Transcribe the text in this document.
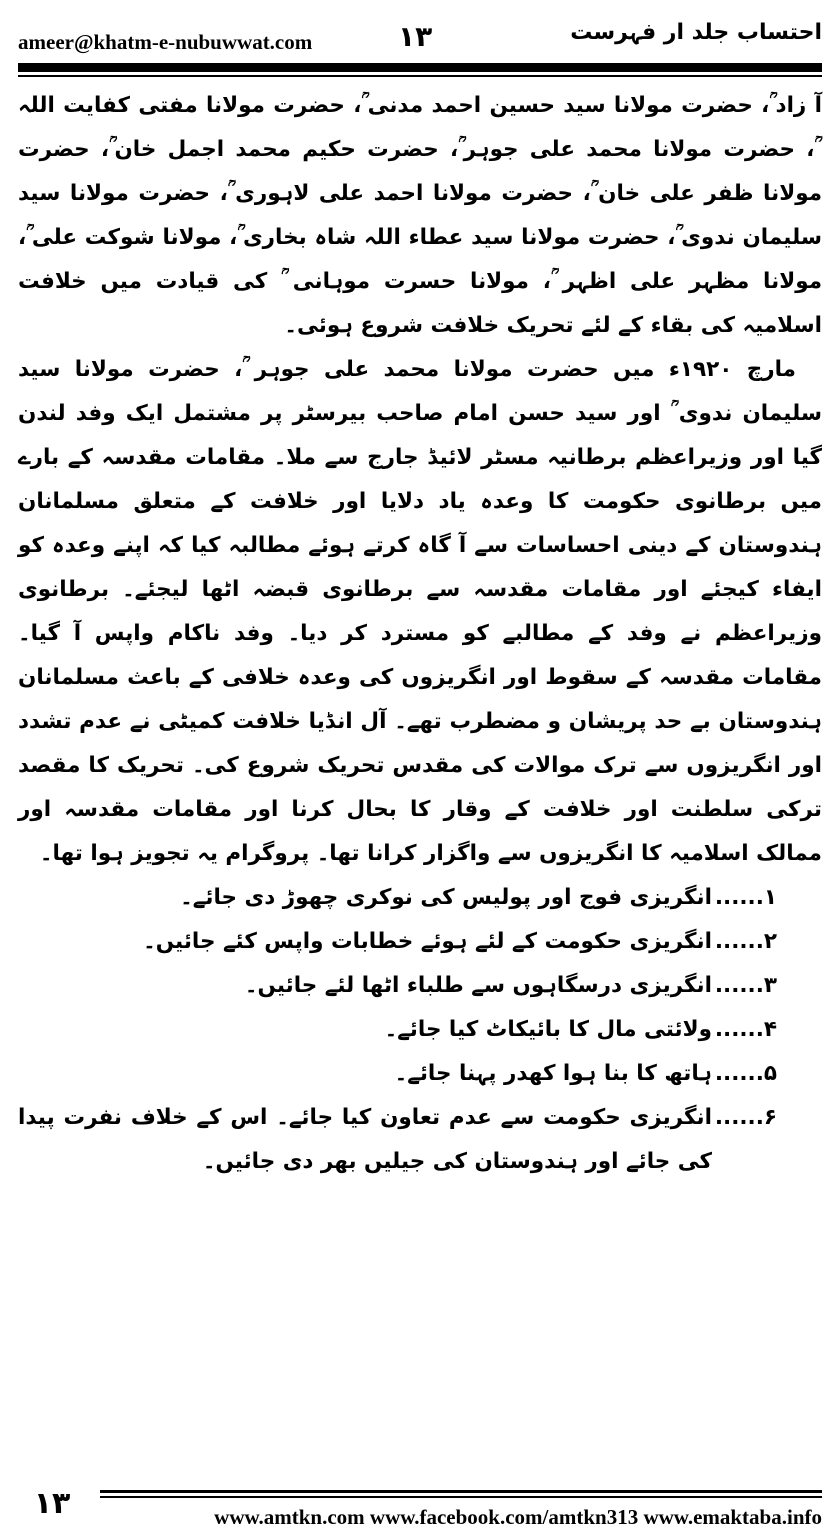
ameer@khatm-e-nubuwwat.com	۱۳	احتساب جلد ار فہرست

آ زاد ؒ، حضرت مولانا سید حسین احمد مدنی ؒ، حضرت مولانا مفتی کفایت اللہ ؒ، حضرت مولانا محمد علی جوہر ؒ، حضرت حکیم محمد اجمل خان ؒ، حضرت مولانا ظفر علی خان ؒ، حضرت مولانا احمد علی لاہوری ؒ، حضرت مولانا سید سلیمان ندوی ؒ، حضرت مولانا سید عطاء اللہ شاہ بخاری ؒ، مولانا شوکت علی ؒ، مولانا مظہر علی اظہر ؒ، مولانا حسرت موہانی ؒ کی قیادت میں خلافت اسلامیہ کی بقاء کے لئے تحریک خلافت شروع ہوئی۔

مارچ ۱۹۲۰ء میں حضرت مولانا محمد علی جوہر ؒ، حضرت مولانا سید سلیمان ندوی ؒ اور سید حسن امام صاحب بیرسٹر پر مشتمل ایک وفد لندن گیا اور وزیراعظم برطانیہ مسٹر لائیڈ جارج سے ملا۔ مقامات مقدسہ کے بارے میں برطانوی حکومت کا وعدہ یاد دلایا اور خلافت کے متعلق مسلمانان ہندوستان کے دینی احساسات سے آ گاہ کرتے ہوئے مطالبہ کیا کہ اپنے وعدہ کو ایفاء کیجئے اور مقامات مقدسہ سے برطانوی قبضہ اٹھا لیجئے۔ برطانوی وزیراعظم نے وفد کے مطالبے کو مسترد کر دیا۔ وفد ناکام واپس آ گیا۔ مقامات مقدسہ کے سقوط اور انگریزوں کی وعدہ خلافی کے باعث مسلمانان ہندوستان بے حد پریشان و مضطرب تھے۔ آل انڈیا خلافت کمیٹی نے عدم تشدد اور انگریزوں سے ترک موالات کی مقدس تحریک شروع کی۔ تحریک کا مقصد ترکی سلطنت اور خلافت کے وقار کا بحال کرنا اور مقامات مقدسہ اور ممالک اسلامیہ کا انگریزوں سے واگزار کرانا تھا۔ پروگرام یہ تجویز ہوا تھا۔

۱......
انگریزی فوج اور پولیس کی نوکری چھوڑ دی جائے۔
۲......
انگریزی حکومت کے لئے ہوئے خطابات واپس کئے جائیں۔
۳......
انگریزی درسگاہوں سے طلباء اٹھا لئے جائیں۔
۴......
ولائتی مال کا بائیکاٹ کیا جائے۔
۵......
ہاتھ کا بنا ہوا کھدر پہنا جائے۔
۶......
انگریزی حکومت سے عدم تعاون کیا جائے۔ اس کے خلاف نفرت پیدا کی جائے اور ہندوستان کی جیلیں بھر دی جائیں۔
۱۳	www.amtkn.com www.facebook.com/amtkn313 www.emaktaba.info
